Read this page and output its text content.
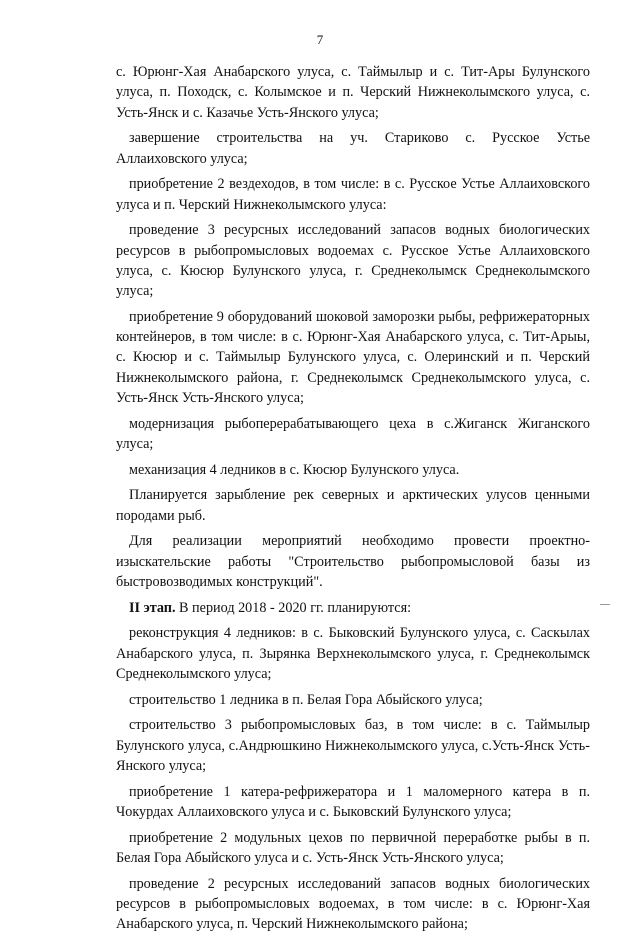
7

с. Юрюнг-Хая Анабарского улуса, с. Таймылыр и с. Тит-Ары Булунского улуса, п. Походск, с. Колымское и п. Черский Нижнеколымского улуса, с. Усть-Янск и с. Казачье Усть-Янского улуса;

завершение строительства на уч. Стариково с. Русское Устье Аллаиховского улуса;

приобретение 2 вездеходов, в том числе: в с. Русское Устье Аллаиховского улуса и п. Черский Нижнеколымского улуса:

проведение 3 ресурсных исследований запасов водных биологических ресурсов в рыбопромысловых водоемах с. Русское Устье Аллаиховского улуса, с. Кюсюр Булунского улуса, г. Среднеколымск Среднеколымского улуса;

приобретение 9 оборудований шоковой заморозки рыбы, рефрижераторных контейнеров, в том числе: в с. Юрюнг-Хая Анабарского улуса, с. Тит-Арыы, с. Кюсюр и с. Таймылыр Булунского улуса, с. Олеринский и п. Черский Нижнеколымского района, г. Среднеколымск Среднеколымского улуса, с. Усть-Янск Усть-Янского улуса;

модернизация рыбоперерабатывающего цеха в с.Жиганск Жиганского улуса;

механизация 4 ледников в с. Кюсюр Булунского улуса.

Планируется зарыбление рек северных и арктических улусов ценными породами рыб.

Для реализации мероприятий необходимо провести проектно-изыскательские работы "Строительство рыбопромысловой базы из быстровозводимых конструкций".

II этап. В период 2018 - 2020 гг. планируются:

реконструкция 4 ледников: в с. Быковский Булунского улуса, с. Саскылах Анабарского улуса, п. Зырянка Верхнеколымского улуса, г. Среднеколымск Среднеколымского улуса;

строительство 1 ледника в п. Белая Гора Абыйского улуса;

строительство 3 рыбопромысловых баз, в том числе: в с. Таймылыр Булунского улуса, с.Андрюшкино Нижнеколымского улуса, с.Усть-Янск Усть-Янского улуса;

приобретение 1 катера-рефрижератора и 1 маломерного катера в п. Чокурдах Аллаиховского улуса и с. Быковский Булунского улуса;

приобретение 2 модульных цехов по первичной переработке рыбы в п. Белая Гора Абыйского улуса и с. Усть-Янск Усть-Янского улуса;

проведение 2 ресурсных исследований запасов водных биологических ресурсов в рыбопромысловых водоемах, в том числе: в с. Юрюнг-Хая Анабарского улуса, п. Черский Нижнеколымского района;
